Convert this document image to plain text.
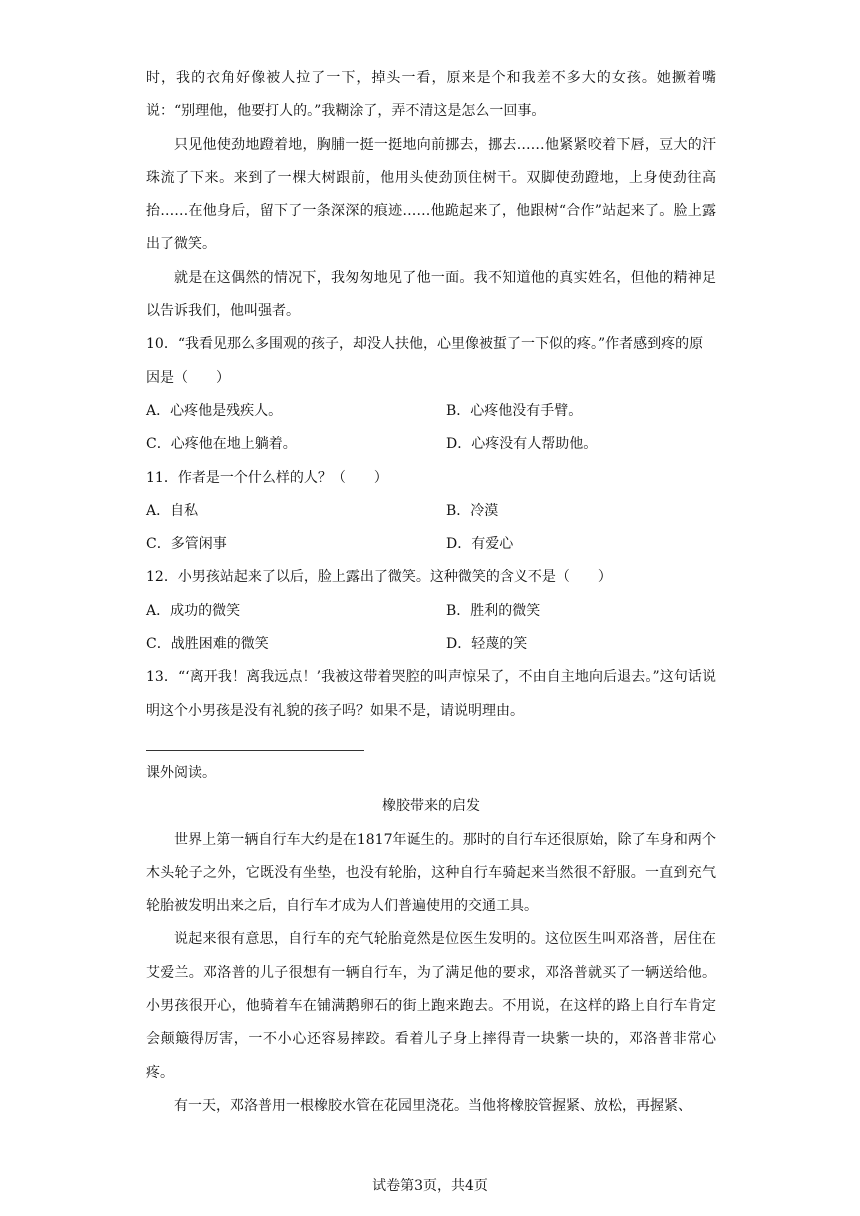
时，我的衣角好像被人拉了一下，掉头一看，原来是个和我差不多大的女孩。她撅着嘴说：“别理他，他要打人的。”我糊涂了，弄不清这是怎么一回事。

只见他使劲地蹬着地，胸脯一挺一挺地向前挪去，挪去……他紧紧咬着下唇，豆大的汗珠流了下来。来到了一棵大树跟前，他用头使劲顶住树干。双脚使劲蹬地，上身使劲往高抬……在他身后，留下了一条深深的痕迹……他跪起来了，他跟树“合作”站起来了。脸上露出了微笑。

就是在这偶然的情况下，我匆匆地见了他一面。我不知道他的真实姓名，但他的精神足以告诉我们，他叫强者。

10．“我看见那么多围观的孩子，却没人扶他，心里像被蜇了一下似的疼。”作者感到疼的原因是（　　）

A．心疼他是残疾人。	B．心疼他没有手臂。
C．心疼他在地上躺着。	D．心疼没有人帮助他。

11．作者是一个什么样的人？（　　）

A．自私	B．冷漠
C．多管闲事	D．有爱心

12．小男孩站起来了以后，脸上露出了微笑。这种微笑的含义不是（　　）

A．成功的微笑	B．胜利的微笑
C．战胜困难的微笑	D．轻蔑的笑

13．“‘离开我！离我远点！’我被这带着哭腔的叫声惊呆了，不由自主地向后退去。”这句话说明这个小男孩是没有礼貌的孩子吗？如果不是，请说明理由。

课外阅读。

橡胶带来的启发

世界上第一辆自行车大约是在1817年诞生的。那时的自行车还很原始，除了车身和两个木头轮子之外，它既没有坐垫，也没有轮胎，这种自行车骑起来当然很不舒服。一直到充气轮胎被发明出来之后，自行车才成为人们普遍使用的交通工具。

说起来很有意思，自行车的充气轮胎竟然是位医生发明的。这位医生叫邓洛普，居住在艾爱兰。邓洛普的儿子很想有一辆自行车，为了满足他的要求，邓洛普就买了一辆送给他。小男孩很开心，他骑着车在铺满鹅卵石的街上跑来跑去。不用说，在这样的路上自行车肯定会颠簸得厉害，一不小心还容易摔跤。看着儿子身上摔得青一块紫一块的，邓洛普非常心疼。

有一天，邓洛普用一根橡胶水管在花园里浇花。当他将橡胶管握紧、放松，再握紧、

试卷第3页，共4页
